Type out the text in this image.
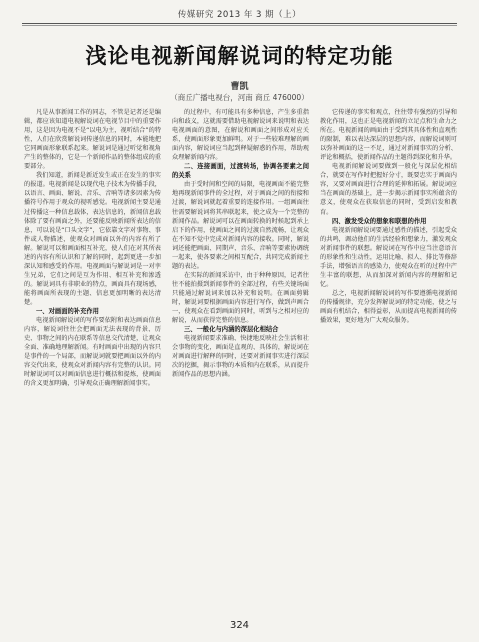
传媒研究 2013 年 3 期（上）
浅论电视新闻解说词的特定功能
曹凯
（商丘广播电视台，河南 商丘 476000）

凡是从事新闻工作的同志，不管是记者还是编辑，都应该知道电视解说词在电视节目中的重要作用，这是因为电视不是“以电为主，视听结合”的特性，人们在欣赏解说词传递信息的同时，本能地把它同画面形象联系起来。解说词是通过听觉和视角产生的整体的，它是一个新闻作品的整体组成的重要部分。

我们知道，新闻是新近发生或正在发生的事实的报道。电视新闻是以现代电子技术为传播手段，以语言、画面、解说、音乐、音响等诸多因素为传播符号作用于观众的视听感觉。电视新闻主要是通过传播这一种信息载体，表达信息的，新闻信息载体除了要有画面之外，还要能反映新闻所表达的信息，可以说是“口头文字”，它依靠文字对事物、事件或人物描述，使观众对画面以外的内容有所了解。解说可以和画面相互补充，使人们在对其所表述的内容有所认识和了解的同时，起到更进一步加深认知和感受的作用。电视画面与解说词是一对孪生兄弟，它们之间是互为作用、相互补充和渗透的。解说词具有非职业的特点，画面具有现场感，能将画面所表现的主题、信息更加明晰的表达清楚。

一、对画面的补充作用

电视新闻解说词的写作要依附和表达画面信息内容，解说词往往会把画面无法表现的背景、历史、事物之间的内在联系等信息交代清楚，让观众全面、准确地理解新闻。有时画面中出现的内容只是事件的一个局部，而解说词就要把画面以外的内容交代出来，使观众对新闻内容有完整的认识。同时解说词可以对画面信息进行概括和提炼，使画面的含义更加明确，引导观众正确理解新闻事实。

的过程中，有可能具有多种信息，产生多重指向和歧义，这就需要借助电视解说词来说明和表达电视画面的意图，在解说和画面之间形成对应关系，使画面形象更加鲜明。对于一些较难理解的画面内容，解说词应当起到释疑解惑的作用，帮助观众理解新闻内容。

二、连接画面，过渡转场，协调各要素之间的关系

由于受时间和空间的局限，电视画面不能完整地再现新闻事件的全过程，对于画面之间的衔接和过渡，解说词就起着重要的连接作用。一组画面往往需要解说词将其串联起来，使之成为一个完整的新闻作品。解说词可以在画面转换的时候起到承上启下的作用，使画面之间的过渡自然流畅，让观众在不知不觉中完成对新闻内容的接收。同时，解说词还能把画面、同期声、音乐、音响等要素协调统一起来，使各要素之间相互配合，共同完成新闻主题的表达。

在实际的新闻采访中，由于种种原因，记者往往不能拍摄到新闻事件的全部过程，有些关键场面只能通过解说词来加以补充和说明。在画面剪辑时，解说词要根据画面内容进行写作，做到声画合一，使观众在看到画面的同时，听到与之相对应的解说，从而获得完整的信息。

三、一般化与内涵的深层化相结合

电视新闻要求准确、快捷地反映社会生活和社会事物的变化，画面是直观的、具体的，解说词在对画面进行解释的同时，还要对新闻事实进行深层次的挖掘，揭示事物的本质和内在联系，从而提升新闻作品的思想内涵。

它传递的事实和观点，往往带有强烈的引导和教化作用，这也正是电视新闻的立足点和生命力之所在。电视新闻的画面由于受到其具体性和直观性的限制，难以表达深层的思想内容，而解说词则可以弥补画面的这一不足，通过对新闻事实的分析、评论和概括，使新闻作品的主题得到深化和升华。

电视新闻解说词要做到一般化与深层化相结合，就要在写作时把握好分寸，既要忠实于画面内容，又要对画面进行合理的延伸和拓展。解说词应当在画面的基础上，进一步揭示新闻事实所蕴含的意义，使观众在获取信息的同时，受到启发和教育。

四、激发受众的想象和联想的作用

电视新闻解说词要通过感性的描述，引起受众的共鸣，调动他们的生活经验和想象力，激发观众对新闻事件的联想。解说词在写作中应当注意语言的形象性和生动性，运用比喻、拟人、排比等修辞手法，增强语言的感染力，使观众在听的过程中产生丰富的联想，从而加深对新闻内容的理解和记忆。

总之，电视新闻解说词的写作要遵循电视新闻的传播规律，充分发挥解说词的特定功能，使之与画面有机结合，相得益彰，从而提高电视新闻的传播效果，更好地为广大观众服务。

324
